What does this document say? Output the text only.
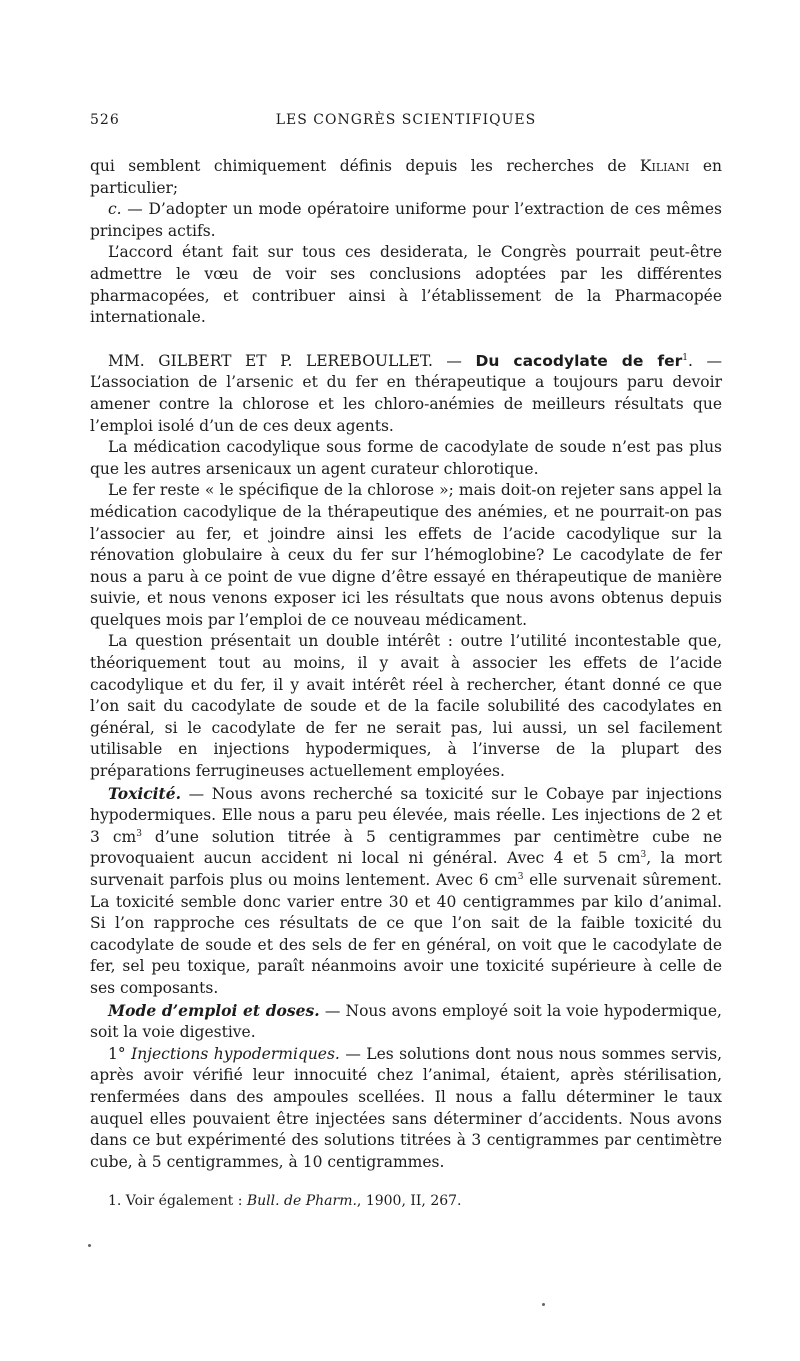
526	LES CONGRÈS SCIENTIFIQUES

qui semblent chimiquement définis depuis les recherches de Kiliani en particulier;

c. — D’adopter un mode opératoire uniforme pour l’extraction de ces mêmes principes actifs.

L’accord étant fait sur tous ces desiderata, le Congrès pourrait peut-être admettre le vœu de voir ses conclusions adoptées par les différentes pharmacopées, et contribuer ainsi à l’établissement de la Pharmacopée internationale.

MM. GILBERT ET P. LEREBOULLET. — Du cacodylate de fer$^1$. — L’association de l’arsenic et du fer en thérapeutique a toujours paru devoir amener contre la chlorose et les chloro-anémies de meilleurs résultats que l’emploi isolé d’un de ces deux agents.

La médication cacodylique sous forme de cacodylate de soude n’est pas plus que les autres arsenicaux un agent curateur chlorotique.

Le fer reste « le spécifique de la chlorose »; mais doit-on rejeter sans appel la médication cacodylique de la thérapeutique des anémies, et ne pourrait-on pas l’associer au fer, et joindre ainsi les effets de l’acide cacodylique sur la rénovation globulaire à ceux du fer sur l’hémoglobine? Le cacodylate de fer nous a paru à ce point de vue digne d’être essayé en thérapeutique de manière suivie, et nous venons exposer ici les résultats que nous avons obtenus depuis quelques mois par l’emploi de ce nouveau médicament.

La question présentait un double intérêt : outre l’utilité incontestable que, théoriquement tout au moins, il y avait à associer les effets de l’acide cacodylique et du fer, il y avait intérêt réel à rechercher, étant donné ce que l’on sait du cacodylate de soude et de la facile solubilité des cacodylates en général, si le cacodylate de fer ne serait pas, lui aussi, un sel facilement utilisable en injections hypodermiques, à l’inverse de la plupart des préparations ferrugineuses actuellement employées.

Toxicité. — Nous avons recherché sa toxicité sur le Cobaye par injections hypodermiques. Elle nous a paru peu élevée, mais réelle. Les injections de 2 et 3 $cm^3$ d’une solution titrée à 5 centigrammes par centimètre cube ne provoquaient aucun accident ni local ni général. Avec 4 et 5 $cm^3$, la mort survenait parfois plus ou moins lentement. Avec 6 $cm^3$ elle survenait sûrement. La toxicité semble donc varier entre 30 et 40 centigrammes par kilo d’animal. Si l’on rapproche ces résultats de ce que l’on sait de la faible toxicité du cacodylate de soude et des sels de fer en général, on voit que le cacodylate de fer, sel peu toxique, paraît néanmoins avoir une toxicité supérieure à celle de ses composants.

Mode d’emploi et doses. — Nous avons employé soit la voie hypodermique, soit la voie digestive.

1° Injections hypodermiques. — Les solutions dont nous nous sommes servis, après avoir vérifié leur innocuité chez l’animal, étaient, après stérilisation, renfermées dans des ampoules scellées. Il nous a fallu déterminer le taux auquel elles pouvaient être injectées sans déterminer d’accidents. Nous avons dans ce but expérimenté des solutions titrées à 3 centigrammes par centimètre cube, à 5 centigrammes, à 10 centigrammes.

1. Voir également : Bull. de Pharm., 1900, II, 267.
